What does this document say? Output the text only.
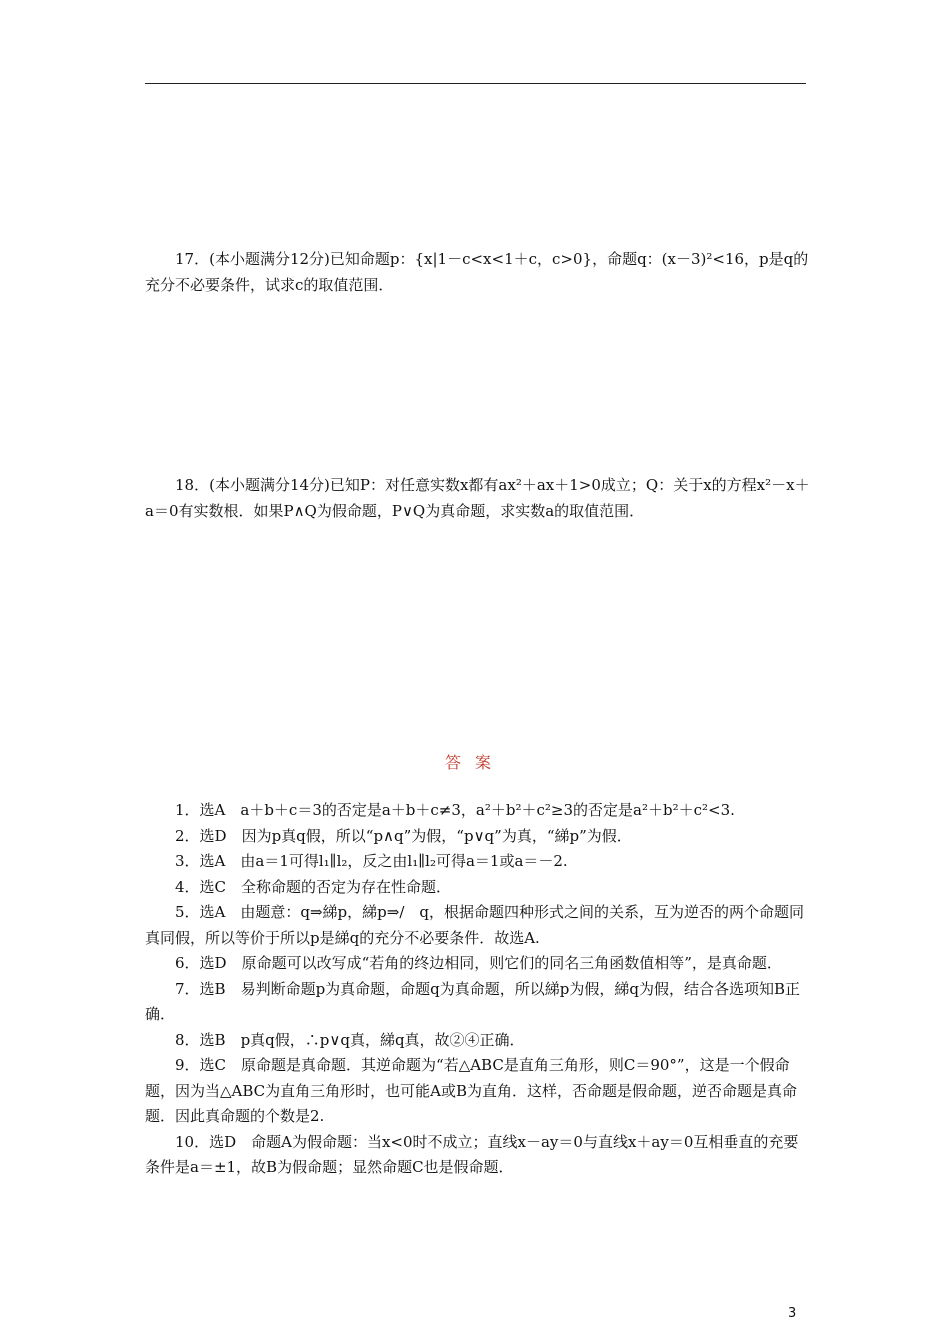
17．(本小题满分12分)已知命题p：{x|1－c<x<1＋c，c>0}，命题q：(x－3)²<16，p是q的充分不必要条件，试求c的取值范围．
18．(本小题满分14分)已知P：对任意实数x都有ax²＋ax＋1>0成立；Q：关于x的方程x²－x＋a＝0有实数根．如果P∧Q为假命题，P∨Q为真命题，求实数a的取值范围．
答案
1．选A　a＋b＋c＝3的否定是a＋b＋c≠3，a²＋b²＋c²≥3的否定是a²＋b²＋c²<3.
2．选D　因为p真q假，所以“p∧q”为假，“p∨q”为真，“綈p”为假．
3．选A　由a＝1可得l₁∥l₂，反之由l₁∥l₂可得a＝1或a＝－2.
4．选C　全称命题的否定为存在性命题．
5．选A　由题意：q⇒綈p，綈p⇒/　q，根据命题四种形式之间的关系，互为逆否的两个命题同真同假，所以等价于所以p是綈q的充分不必要条件．故选A.
6．选D　原命题可以改写成“若角的终边相同，则它们的同名三角函数值相等”，是真命题．
7．选B　易判断命题p为真命题，命题q为真命题，所以綈p为假，綈q为假，结合各选项知B正确．
8．选B　p真q假，∴p∨q真，綈q真，故②④正确．
9．选C　原命题是真命题．其逆命题为“若△ABC是直角三角形，则C＝90°”，这是一个假命题，因为当△ABC为直角三角形时，也可能A或B为直角．这样，否命题是假命题，逆否命题是真命题．因此真命题的个数是2.
10．选D　命题A为假命题：当x<0时不成立；直线x－ay＝0与直线x＋ay＝0互相垂直的充要条件是a＝±1，故B为假命题；显然命题C也是假命题．
3
